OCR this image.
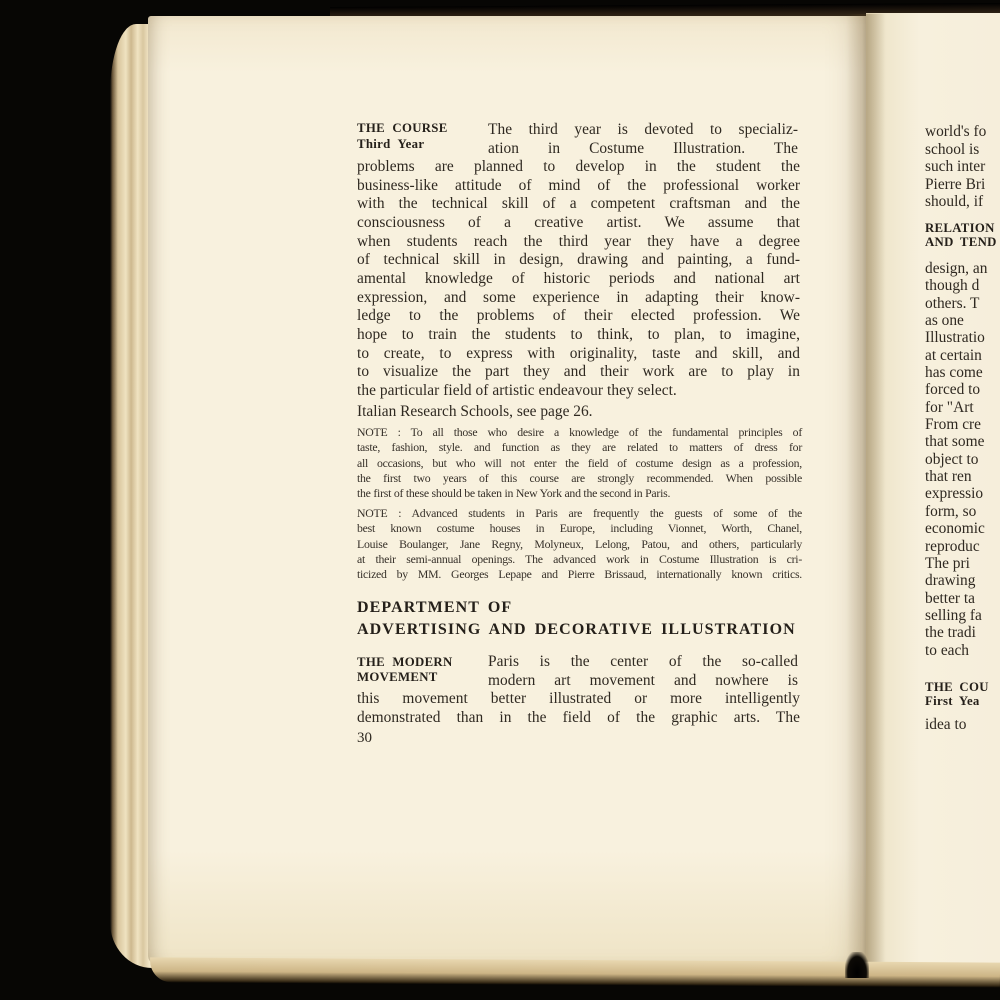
THE COURSE
Third Year
The third year is devoted to specializ-
ation in Costume Illustration. The
problems are planned to develop in the student the
business-like attitude of mind of the professional worker
with the technical skill of a competent craftsman and the
consciousness of a creative artist. We assume that
when students reach the third year they have a degree
of technical skill in design, drawing and painting, a fund-
amental knowledge of historic periods and national art
expression, and some experience in adapting their know-
ledge to the problems of their elected profession. We
hope to train the students to think, to plan, to imagine,
to create, to express with originality, taste and skill, and
to visualize the part they and their work are to play in
the particular field of artistic endeavour they select.
Italian Research Schools, see page 26.
NOTE : To all those who desire a knowledge of the fundamental principles of
taste, fashion, style. and function as they are related to matters of dress for
all occasions, but who will not enter the field of costume design as a profession,
the first two years of this course are strongly recommended. When possible
the first of these should be taken in New York and the second in Paris.
NOTE : Advanced students in Paris are frequently the guests of some of the
best known costume houses in Europe, including Vionnet, Worth, Chanel,
Louise Boulanger, Jane Regny, Molyneux, Lelong, Patou, and others, particularly
at their semi-annual openings. The advanced work in Costume Illustration is cri-
ticized by MM. Georges Lepape and Pierre Brissaud, internationally known critics.
DEPARTMENT OF
ADVERTISING AND DECORATIVE ILLUSTRATION
THE MODERN
MOVEMENT
Paris is the center of the so-called
modern art movement and nowhere is
this movement better illustrated or more intelligently
demonstrated than in the field of the graphic arts. The
30
world's fo
school is
such inter
Pierre Bri
should, if
RELATION
AND TEND
design, an
though d
others. T
as one
Illustratio
at certain
has come
forced to
for "Art
From cre
that some
object to
that ren
expressio
form, so
economic
reproduc
The pri
drawing
better ta
selling fa
the tradi
to each
THE COU
First Yea
idea to
